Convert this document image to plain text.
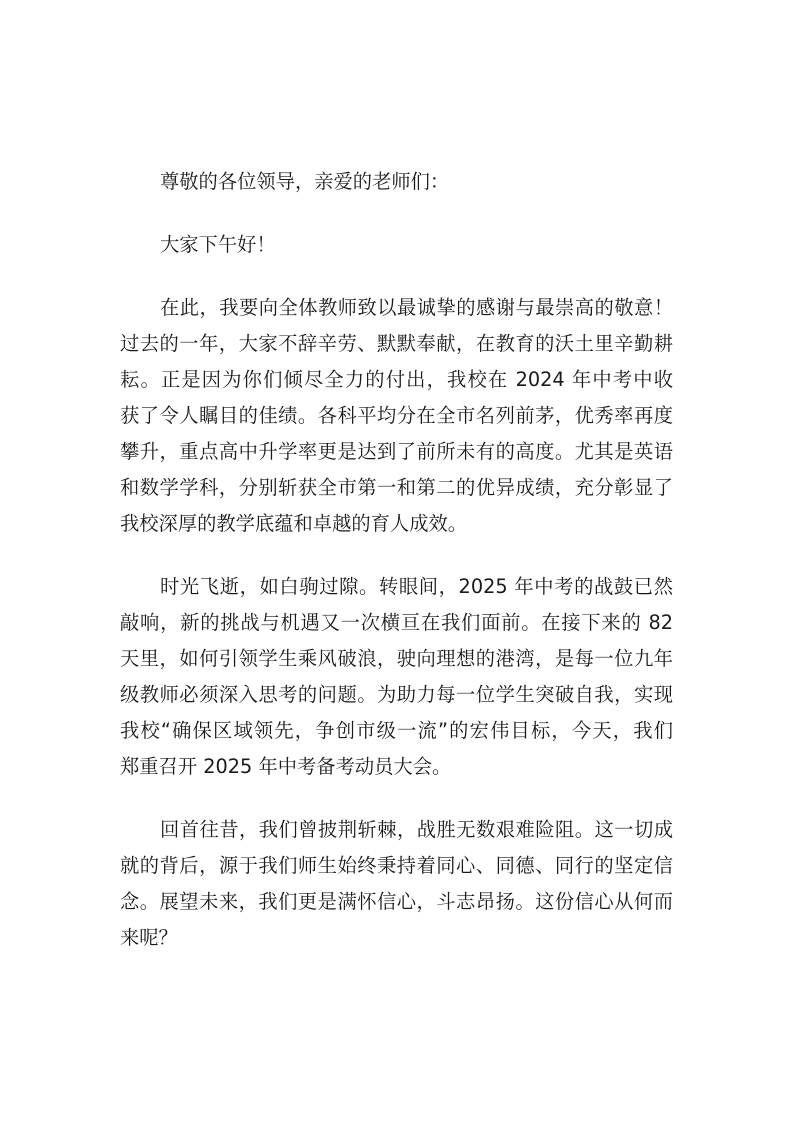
尊敬的各位领导，亲爱的老师们：
大家下午好！
在此，我要向全体教师致以最诚挚的感谢与最崇高的敬意！
过去的一年，大家不辞辛劳、默默奉献，在教育的沃土里辛勤耕
耘。正是因为你们倾尽全力的付出，我校在 2024 年中考中收
获了令人瞩目的佳绩。各科平均分在全市名列前茅，优秀率再度
攀升，重点高中升学率更是达到了前所未有的高度。尤其是英语
和数学学科，分别斩获全市第一和第二的优异成绩，充分彰显了
我校深厚的教学底蕴和卓越的育人成效。
时光飞逝，如白驹过隙。转眼间，2025 年中考的战鼓已然
敲响，新的挑战与机遇又一次横亘在我们面前。在接下来的 82
天里，如何引领学生乘风破浪，驶向理想的港湾，是每一位九年
级教师必须深入思考的问题。为助力每一位学生突破自我，实现
我校“确保区域领先，争创市级一流”的宏伟目标，今天，我们
郑重召开 2025 年中考备考动员大会。
回首往昔，我们曾披荆斩棘，战胜无数艰难险阻。这一切成
就的背后，源于我们师生始终秉持着同心、同德、同行的坚定信
念。展望未来，我们更是满怀信心，斗志昂扬。这份信心从何而
来呢？
